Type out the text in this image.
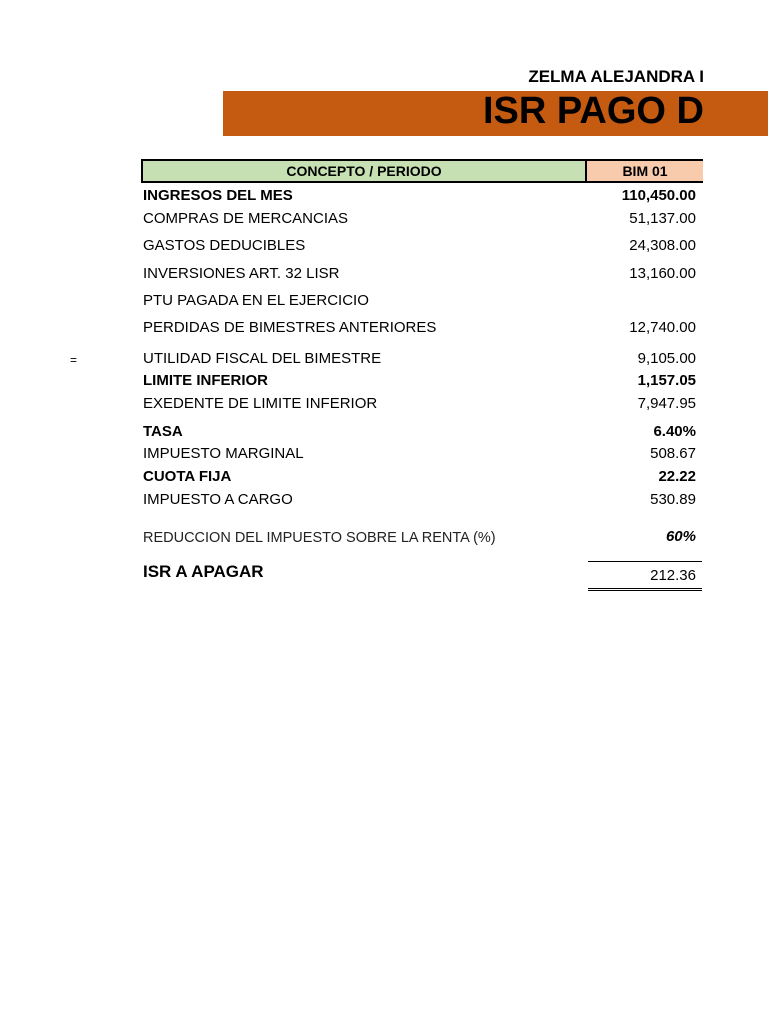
ZELMA ALEJANDRA I
ISR PAGO D
CONCEPTO / PERIODO	BIM 01
INGRESOS DEL MES	110,450.00
COMPRAS DE MERCANCIAS	51,137.00
GASTOS DEDUCIBLES	24,308.00
INVERSIONES ART. 32 LISR	13,160.00
PTU PAGADA EN EL EJERCICIO
PERDIDAS DE BIMESTRES ANTERIORES	12,740.00
=	UTILIDAD FISCAL DEL BIMESTRE	9,105.00
LIMITE INFERIOR	1,157.05
EXEDENTE DE LIMITE INFERIOR	7,947.95
TASA	6.40%
IMPUESTO MARGINAL	508.67
CUOTA FIJA	22.22
IMPUESTO A CARGO	530.89
REDUCCION DEL IMPUESTO SOBRE LA RENTA (%)	60%
ISR A APAGAR	212.36
